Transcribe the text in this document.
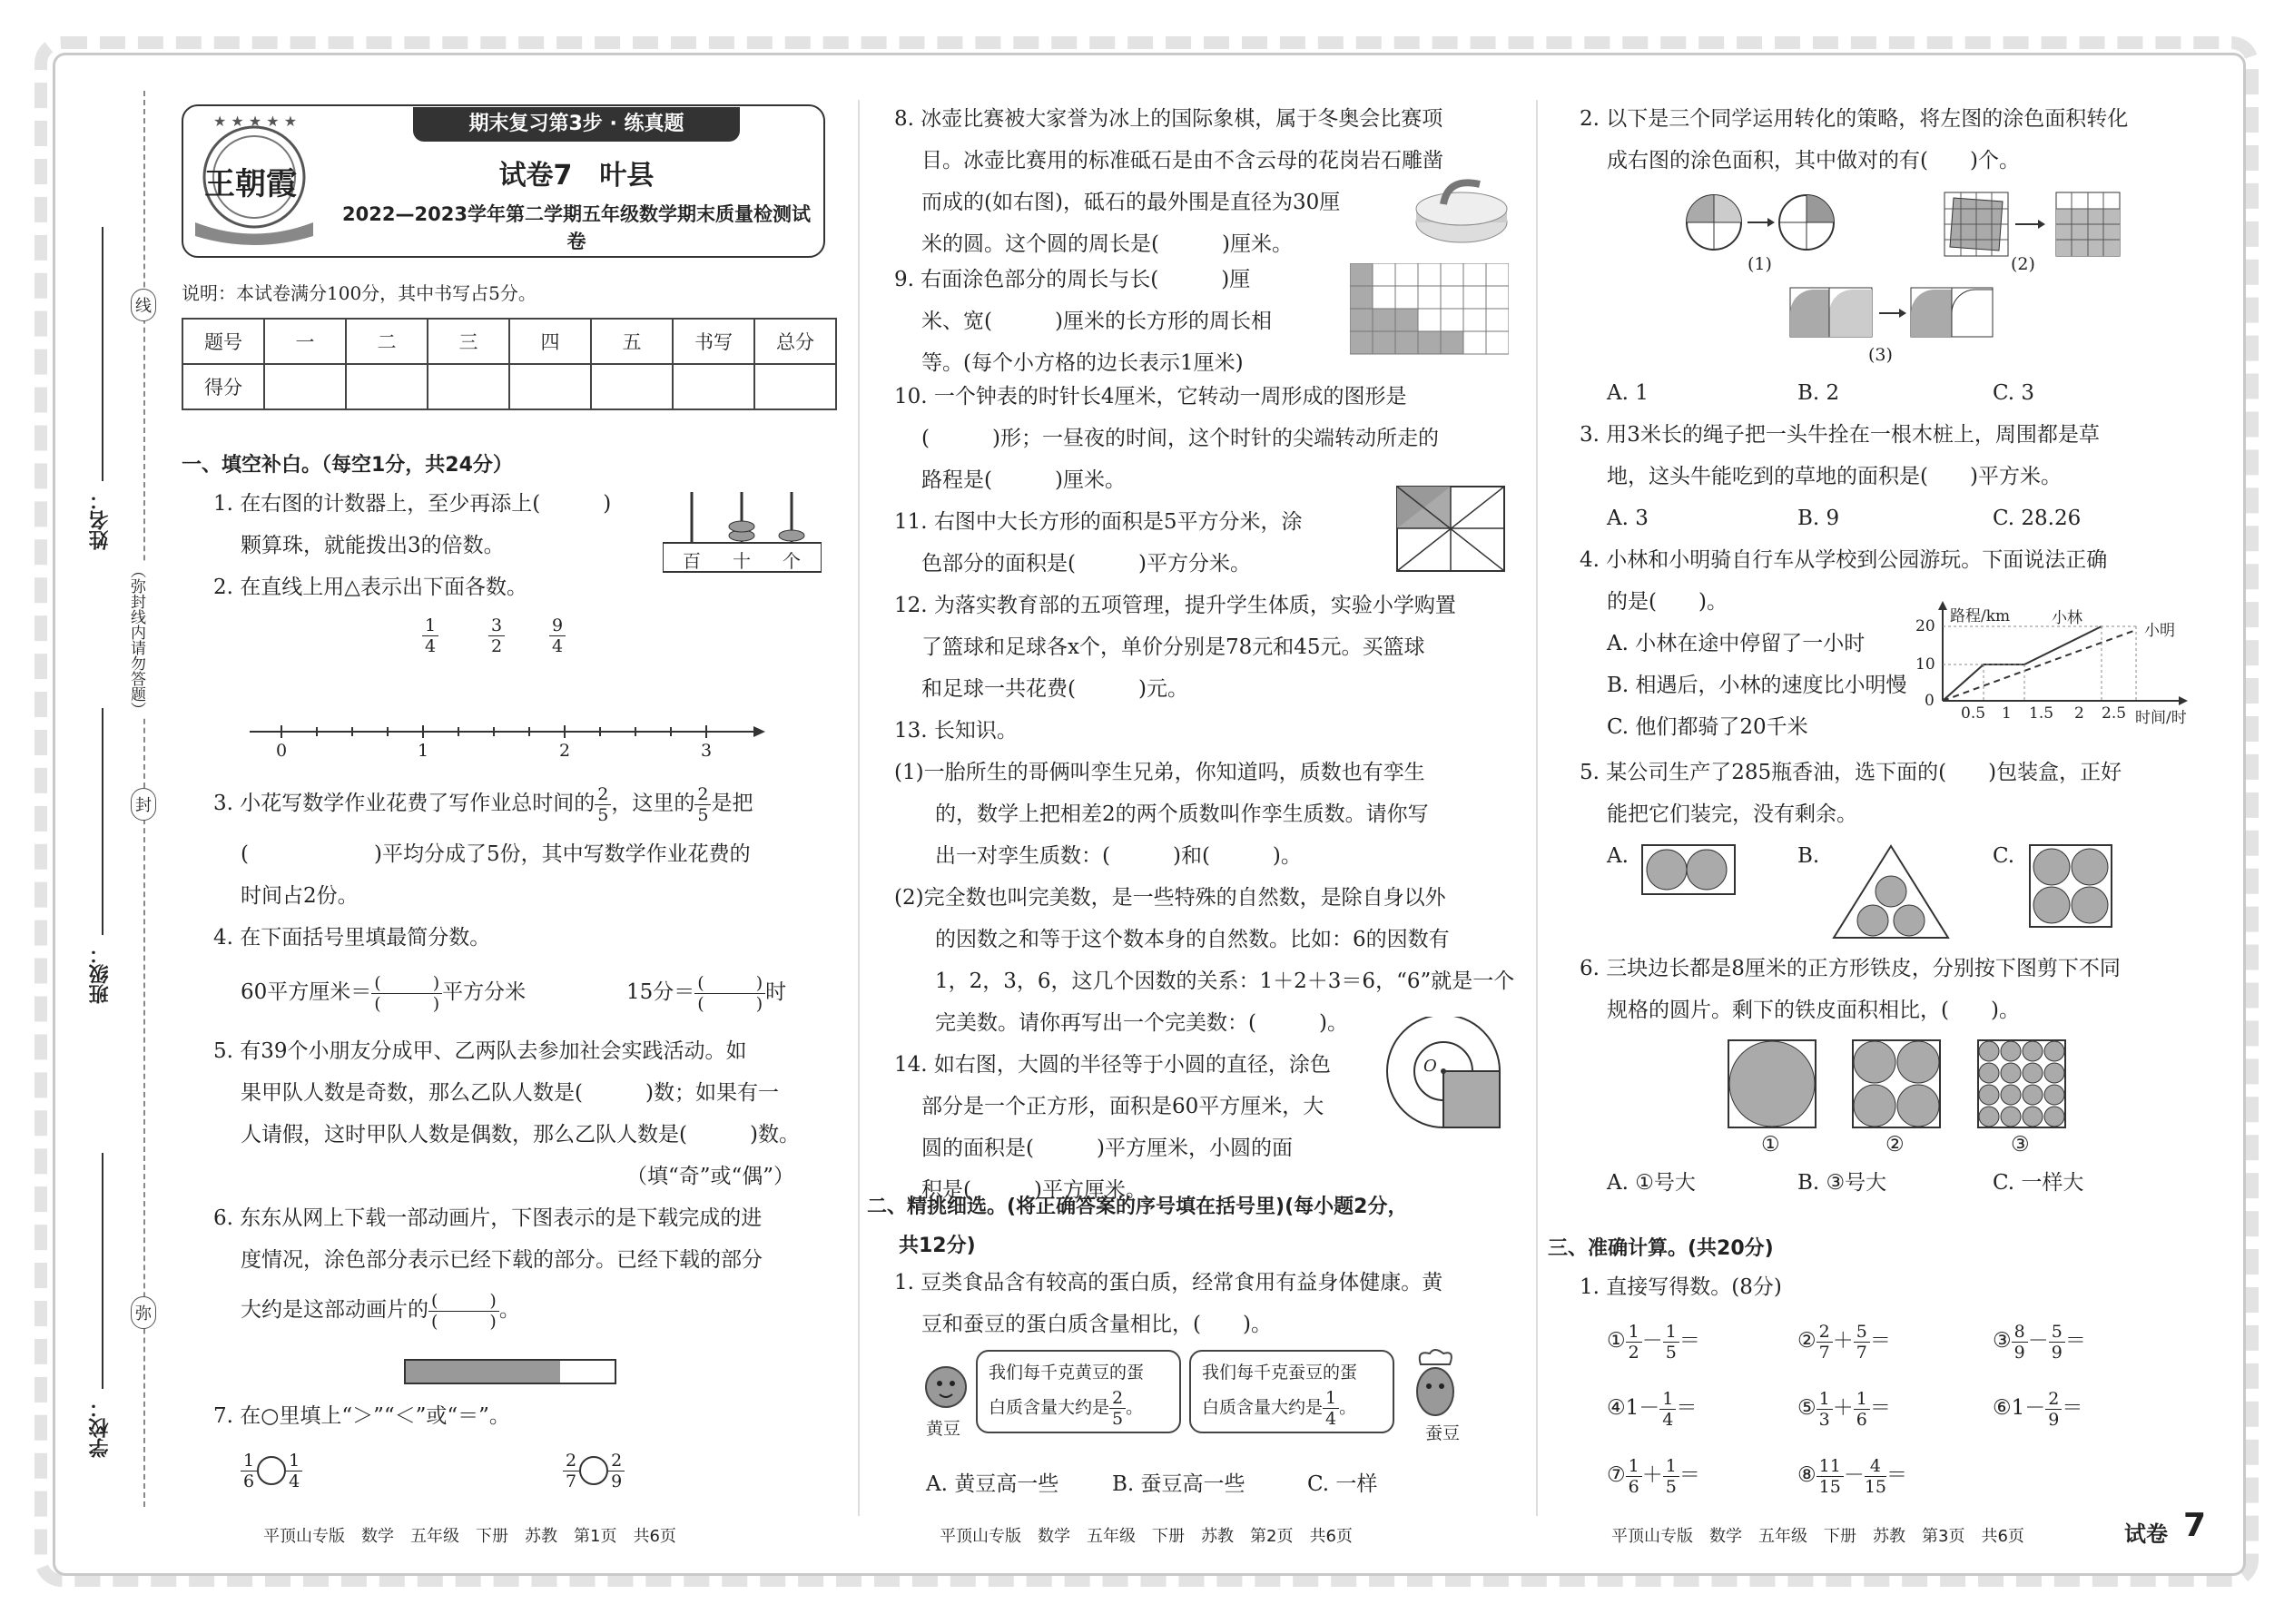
姓名：
班级：
学校：
线
封
弥
（弥封线内请勿答题）
★ ★ ★ ★ ★
王朝霞
期末复习第3步 · 练真题
试卷7　叶县
2022—2023学年第二学期五年级数学期末质量检测试卷
说明：本试卷满分100分，其中书写占5分。
题号	一	二	三	四	五	书写	总分
得分							
一、填空补白。（每空1分，共24分）
1. 在右图的计数器上，至少再添上(　　　)
颗算珠，就能拨出3的倍数。
百 十 个
2. 在直线上用△表示出下面各数。
$\frac{1}{4}$	$\frac{3}{2}$	$\frac{9}{4}$
0	1	2	3
3. 小花写数学作业花费了写作业总时间的 $\frac{2}{5}$ ，这里的 $\frac{2}{5}$ 是把
(　　　　　　)平均分成了5份，其中写数学作业花费的
时间占2份。
4. 在下面括号里填最简分数。
60平方厘米＝ $\frac{( )}{( )}$ 平方分米	15分＝ $\frac{( )}{( )}$ 时
5. 有39个小朋友分成甲、乙两队去参加社会实践活动。如
果甲队人数是奇数，那么乙队人数是(　　　)数；如果有一
人请假，这时甲队人数是偶数，那么乙队人数是(　　　)数。
（填“奇”或“偶”）
6. 东东从网上下载一部动画片，下图表示的是下载完成的进
度情况，涂色部分表示已经下载的部分。已经下载的部分
大约是这部动画片的 $\frac{( )}{( )}$ 。
7. 在○里填上“＞”“＜”或“＝”。
$\frac{1}{6} \frac{1}{4}$	$\frac{2}{7} \frac{2}{9}$
8. 冰壶比赛被大家誉为冰上的国际象棋，属于冬奥会比赛项
目。冰壶比赛用的标准砥石是由不含云母的花岗岩石雕凿
而成的(如右图)，砥石的最外围是直径为30厘
米的圆。这个圆的周长是(　　　)厘米。
9. 右面涂色部分的周长与长(　　　)厘
米、宽(　　　)厘米的长方形的周长相
等。(每个小方格的边长表示1厘米)
10. 一个钟表的时针长4厘米，它转动一周形成的图形是
(　　　)形；一昼夜的时间，这个时针的尖端转动所走的
路程是(　　　)厘米。
11. 右图中大长方形的面积是5平方分米，涂
色部分的面积是(　　　)平方分米。
12. 为落实教育部的五项管理，提升学生体质，实验小学购置
了篮球和足球各x个，单价分别是78元和45元。买篮球
和足球一共花费(　　　)元。
13. 长知识。
(1)一胎所生的哥俩叫孪生兄弟，你知道吗，质数也有孪生
的，数学上把相差2的两个质数叫作孪生质数。请你写
出一对孪生质数：(　　　)和(　　　)。
(2)完全数也叫完美数，是一些特殊的自然数，是除自身以外
的因数之和等于这个数本身的自然数。比如：6的因数有
1，2，3，6，这几个因数的关系：1＋2＋3＝6，“6”就是一个
完美数。请你再写出一个完美数：(　　　)。
14. 如右图，大圆的半径等于小圆的直径，涂色
部分是一个正方形，面积是60平方厘米，大
圆的面积是(　　　)平方厘米，小圆的面
积是(　　　)平方厘米。
O
二、精挑细选。(将正确答案的序号填在括号里)(每小题2分，
共12分)
1. 豆类食品含有较高的蛋白质，经常食用有益身体健康。黄
豆和蚕豆的蛋白质含量相比，(　　)。
黄豆
我们每千克黄豆的蛋
白质含量大约是 $\frac{2}{5}$ 。
我们每千克蚕豆的蛋
白质含量大约是 $\frac{1}{4}$ 。
蚕豆
A. 黄豆高一些	B. 蚕豆高一些	C. 一样
2. 以下是三个同学运用转化的策略，将左图的涂色面积转化
成右图的涂色面积，其中做对的有(　　)个。
(1)	(2)
(3)
A. 1	B. 2	C. 3
3. 用3米长的绳子把一头牛拴在一根木桩上，周围都是草
地，这头牛能吃到的草地的面积是(　　)平方米。
A. 3	B. 9	C. 28.26
4. 小林和小明骑自行车从学校到公园游玩。下面说法正确
的是(　　)。
A. 小林在途中停留了一小时
B. 相遇后，小林的速度比小明慢
C. 他们都骑了20千米
路程/km	小林
小明
20
10
0
0.5 1 1.5 2 2.5 时间/时
5. 某公司生产了285瓶香油，选下面的(　　)包装盒，正好
能把它们装完，没有剩余。
A.	B.	C.
6. 三块边长都是8厘米的正方形铁皮，分别按下图剪下不同
规格的圆片。剩下的铁皮面积相比，(　　)。
①	②	③
A. ①号大	B. ③号大	C. 一样大
三、准确计算。(共20分)
1. 直接写得数。(8分)
① $\frac{1}{2} - \frac{1}{5}$ ＝	② $\frac{2}{7} + \frac{5}{7}$ ＝	③ $\frac{8}{9} - \frac{5}{9}$ ＝
④1－ $\frac{1}{4}$ ＝	⑤ $\frac{1}{3} + \frac{1}{6}$ ＝	⑥1－ $\frac{2}{9}$ ＝
⑦ $\frac{1}{6} + \frac{1}{5}$ ＝	⑧ $\frac{11}{15} - \frac{4}{15}$ ＝
平顶山专版　数学　五年级　下册　苏教　第1页　共6页	平顶山专版　数学　五年级　下册　苏教　第2页　共6页	平顶山专版　数学　五年级　下册　苏教　第3页　共6页	试卷 7
